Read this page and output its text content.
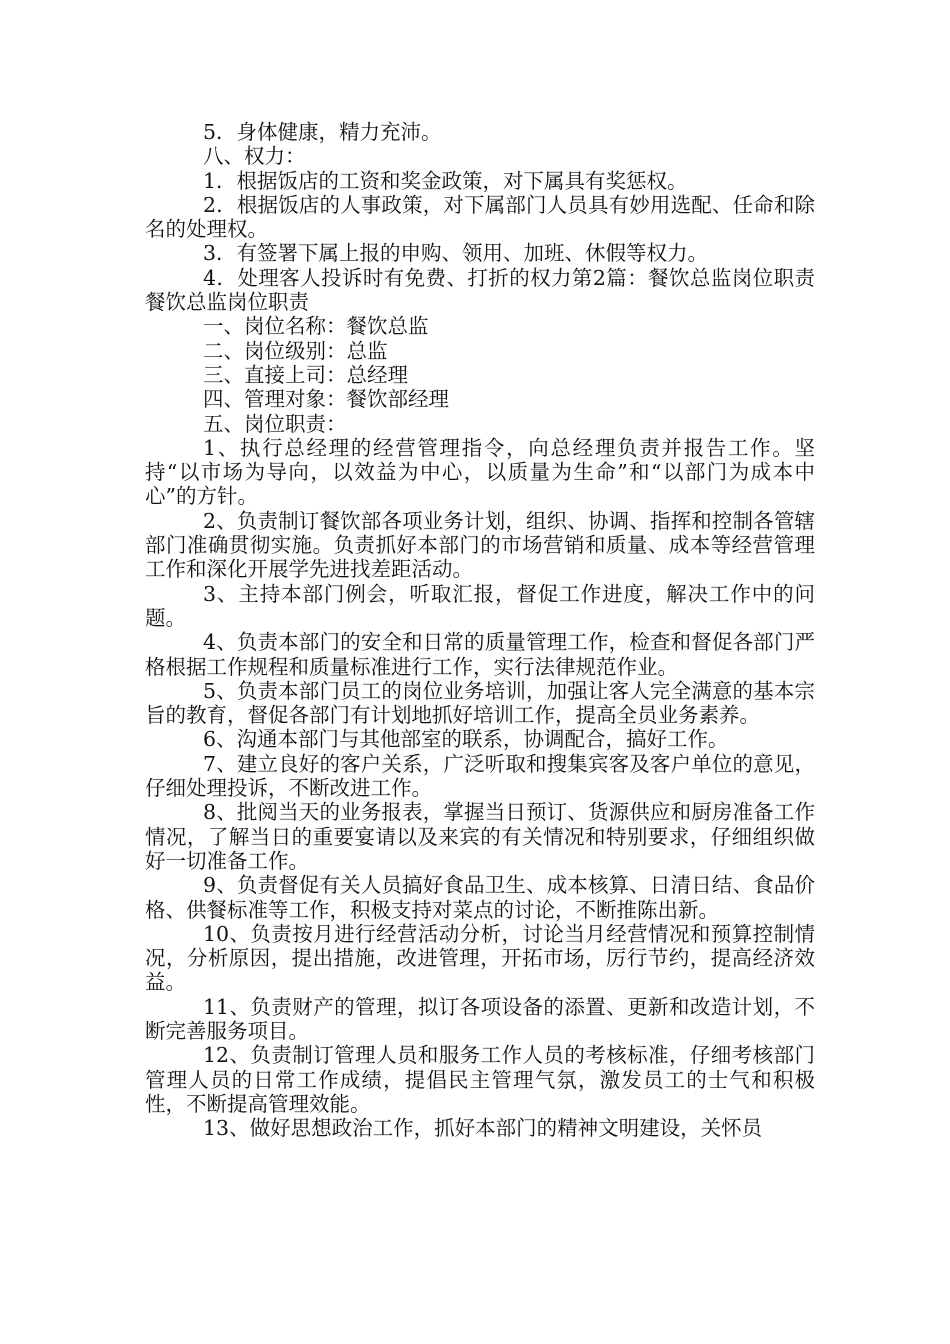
5．身体健康，精力充沛。

八、权力：

1．根据饭店的工资和奖金政策，对下属具有奖惩权。

2．根据饭店的人事政策，对下属部门人员具有妙用选配、任命和除名的处理权。

3．有签署下属上报的申购、领用、加班、休假等权力。

4．处理客人投诉时有免费、打折的权力第2篇：餐饮总监岗位职责餐饮总监岗位职责

一、岗位名称：餐饮总监

二、岗位级别：总监

三、直接上司：总经理

四、管理对象：餐饮部经理

五、岗位职责：

1、执行总经理的经营管理指令，向总经理负责并报告工作。坚持“以市场为导向，以效益为中心，以质量为生命”和“以部门为成本中心”的方针。

2、负责制订餐饮部各项业务计划，组织、协调、指挥和控制各管辖部门准确贯彻实施。负责抓好本部门的市场营销和质量、成本等经营管理工作和深化开展学先进找差距活动。

3、主持本部门例会，听取汇报，督促工作进度，解决工作中的问题。

4、负责本部门的安全和日常的质量管理工作，检查和督促各部门严格根据工作规程和质量标准进行工作，实行法律规范作业。

5、负责本部门员工的岗位业务培训，加强让客人完全满意的基本宗旨的教育，督促各部门有计划地抓好培训工作，提高全员业务素养。

6、沟通本部门与其他部室的联系，协调配合，搞好工作。

7、建立良好的客户关系，广泛听取和搜集宾客及客户单位的意见，仔细处理投诉，不断改进工作。

8、批阅当天的业务报表，掌握当日预订、货源供应和厨房准备工作情况，了解当日的重要宴请以及来宾的有关情况和特别要求，仔细组织做好一切准备工作。

9、负责督促有关人员搞好食品卫生、成本核算、日清日结、食品价格、供餐标准等工作，积极支持对菜点的讨论，不断推陈出新。

10、负责按月进行经营活动分析，讨论当月经营情况和预算控制情况，分析原因，提出措施，改进管理，开拓市场，厉行节约，提高经济效益。

11、负责财产的管理，拟订各项设备的添置、更新和改造计划，不断完善服务项目。

12、负责制订管理人员和服务工作人员的考核标准，仔细考核部门管理人员的日常工作成绩，提倡民主管理气氛，激发员工的士气和积极性，不断提高管理效能。

13、做好思想政治工作，抓好本部门的精神文明建设，关怀员
